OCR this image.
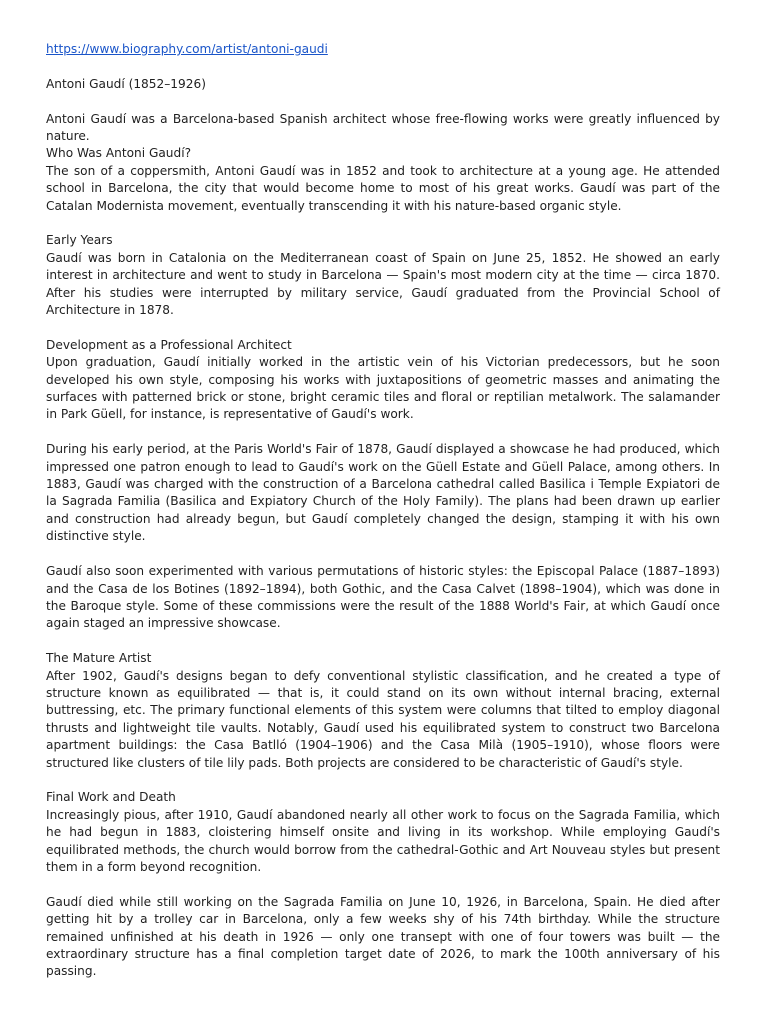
https://www.biography.com/artist/antoni-gaudi

Antoni Gaudí (1852–1926)

Antoni Gaudí was a Barcelona-based Spanish architect whose free-flowing works were greatly influenced by nature.

Who Was Antoni Gaudí?

The son of a coppersmith, Antoni Gaudí was in 1852 and took to architecture at a young age. He attended school in Barcelona, the city that would become home to most of his great works. Gaudí was part of the Catalan Modernista movement, eventually transcending it with his nature-based organic style.

Early Years

Gaudí was born in Catalonia on the Mediterranean coast of Spain on June 25, 1852. He showed an early interest in architecture and went to study in Barcelona — Spain's most modern city at the time — circa 1870. After his studies were interrupted by military service, Gaudí graduated from the Provincial School of Architecture in 1878.

Development as a Professional Architect

Upon graduation, Gaudí initially worked in the artistic vein of his Victorian predecessors, but he soon developed his own style, composing his works with juxtapositions of geometric masses and animating the surfaces with patterned brick or stone, bright ceramic tiles and floral or reptilian metalwork. The salamander in Park Güell, for instance, is representative of Gaudí's work.

During his early period, at the Paris World's Fair of 1878, Gaudí displayed a showcase he had produced, which impressed one patron enough to lead to Gaudí's work on the Güell Estate and Güell Palace, among others. In 1883, Gaudí was charged with the construction of a Barcelona cathedral called Basilica i Temple Expiatori de la Sagrada Familia (Basilica and Expiatory Church of the Holy Family). The plans had been drawn up earlier and construction had already begun, but Gaudí completely changed the design, stamping it with his own distinctive style.

Gaudí also soon experimented with various permutations of historic styles: the Episcopal Palace (1887–1893) and the Casa de los Botines (1892–1894), both Gothic, and the Casa Calvet (1898–1904), which was done in the Baroque style. Some of these commissions were the result of the 1888 World's Fair, at which Gaudí once again staged an impressive showcase.

The Mature Artist

After 1902, Gaudí's designs began to defy conventional stylistic classification, and he created a type of structure known as equilibrated — that is, it could stand on its own without internal bracing, external buttressing, etc. The primary functional elements of this system were columns that tilted to employ diagonal thrusts and lightweight tile vaults. Notably, Gaudí used his equilibrated system to construct two Barcelona apartment buildings: the Casa Batlló (1904–1906) and the Casa Milà (1905–1910), whose floors were structured like clusters of tile lily pads. Both projects are considered to be characteristic of Gaudí's style.

Final Work and Death

Increasingly pious, after 1910, Gaudí abandoned nearly all other work to focus on the Sagrada Familia, which he had begun in 1883, cloistering himself onsite and living in its workshop. While employing Gaudí's equilibrated methods, the church would borrow from the cathedral-Gothic and Art Nouveau styles but present them in a form beyond recognition.

Gaudí died while still working on the Sagrada Familia on June 10, 1926, in Barcelona, Spain. He died after getting hit by a trolley car in Barcelona, only a few weeks shy of his 74th birthday. While the structure remained unfinished at his death in 1926 — only one transept with one of four towers was built — the extraordinary structure has a final completion target date of 2026, to mark the 100th anniversary of his passing.
